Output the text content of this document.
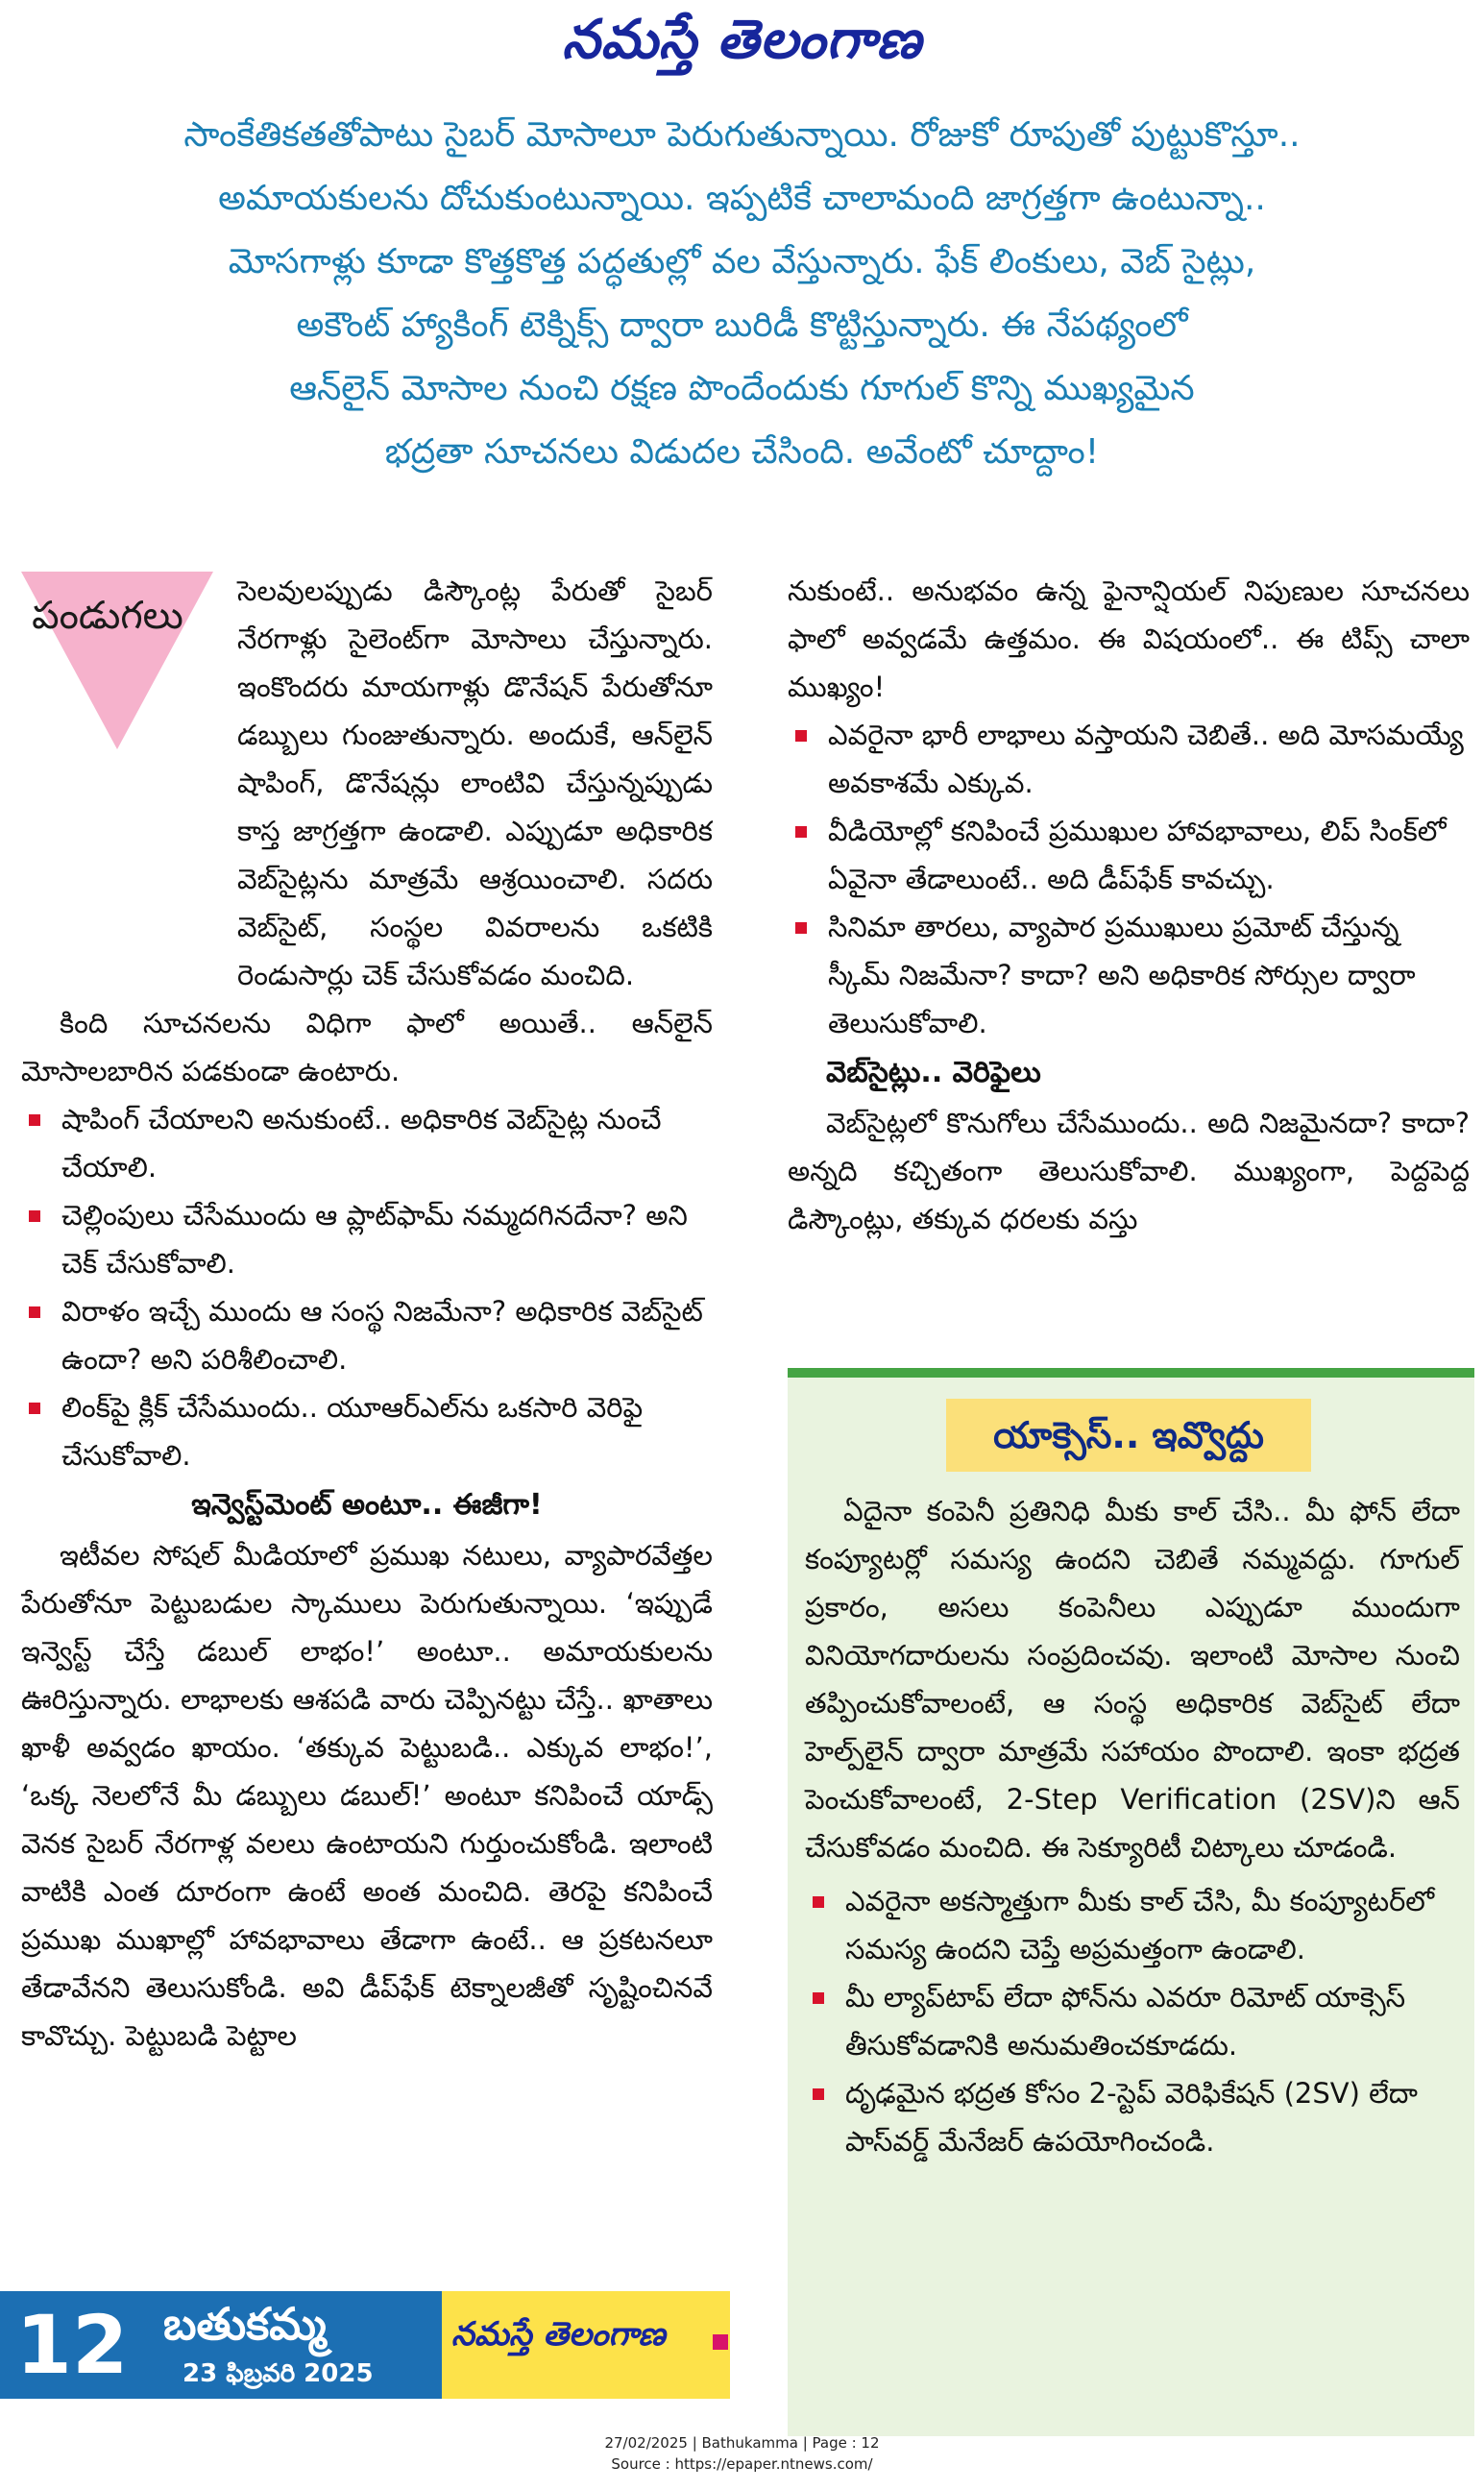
నమస్తే తెలంగాణ
సాంకేతికతతోపాటు సైబర్ మోసాలూ పెరుగుతున్నాయి. రోజుకో రూపుతో పుట్టుకొస్తూ..
అమాయకులను దోచుకుంటున్నాయి. ఇప్పటికే చాలామంది జాగ్రత్తగా ఉంటున్నా..
మోసగాళ్లు కూడా కొత్తకొత్త పద్ధతుల్లో వల వేస్తున్నారు. ఫేక్ లింకులు, వెబ్ సైట్లు,
అకౌంట్ హ్యాకింగ్ టెక్నిక్స్ ద్వారా బురిడీ కొట్టిస్తున్నారు. ఈ నేపథ్యంలో
ఆన్‌లైన్ మోసాల నుంచి రక్షణ పొందేందుకు గూగుల్ కొన్ని ముఖ్యమైన
భద్రతా సూచనలు విడుదల చేసింది. అవేంటో చూద్దాం!
పండుగలు

సెలవులప్పుడు డిస్కౌంట్ల పేరుతో సైబర్ నేరగాళ్లు సైలెంట్‌గా మోసాలు చేస్తున్నారు. ఇంకొందరు మాయగాళ్లు డొనేషన్ పేరుతోనూ డబ్బులు గుంజుతున్నారు. అందుకే, ఆన్‌లైన్ షాపింగ్, డొనేషన్లు లాంటివి చేస్తున్నప్పుడు కాస్త జాగ్రత్తగా ఉండాలి. ఎప్పుడూ అధికారిక వెబ్‌సైట్లను మాత్రమే ఆశ్రయించాలి. సదరు వెబ్‌సైట్, సంస్థల వివరాలను ఒకటికి రెండుసార్లు చెక్ చేసుకోవడం మంచిది.

కింది సూచనలను విధిగా ఫాలో అయితే.. ఆన్‌లైన్ మోసాలబారిన పడకుండా ఉంటారు.

షాపింగ్ చేయాలని అనుకుంటే.. అధికారిక వెబ్‌సైట్ల నుంచే చేయాలి.
చెల్లింపులు చేసేముందు ఆ ప్లాట్‌ఫామ్ నమ్మదగినదేనా? అని చెక్ చేసుకోవాలి.
విరాళం ఇచ్చే ముందు ఆ సంస్థ నిజమేనా? అధికారిక వెబ్‌సైట్ ఉందా? అని పరిశీలించాలి.
లింక్‌పై క్లిక్ చేసేముందు.. యూఆర్ఎల్‌ను ఒకసారి వెరిఫై చేసుకోవాలి.
ఇన్వెస్ట్‌మెంట్ అంటూ.. ఈజీగా!

ఇటీవల సోషల్ మీడియాలో ప్రముఖ నటులు, వ్యాపారవేత్తల పేరుతోనూ పెట్టుబడుల స్కాములు పెరుగుతున్నాయి. ‘ఇప్పుడే ఇన్వెస్ట్ చేస్తే డబుల్ లాభం!’ అంటూ.. అమాయకులను ఊరిస్తున్నారు. లాభాలకు ఆశపడి వారు చెప్పినట్టు చేస్తే.. ఖాతాలు ఖాళీ అవ్వడం ఖాయం. ‘తక్కువ పెట్టుబడి.. ఎక్కువ లాభం!’, ‘ఒక్క నెలలోనే మీ డబ్బులు డబుల్!’ అంటూ కనిపించే యాడ్స్ వెనక సైబర్ నేరగాళ్ల వలలు ఉంటాయని గుర్తుంచుకోండి. ఇలాంటి వాటికి ఎంత దూరంగా ఉంటే అంత మంచిది. తెరపై కనిపించే ప్రముఖ ముఖాల్లో హావభావాలు తేడాగా ఉంటే.. ఆ ప్రకటనలూ తేడావేనని తెలుసుకోండి. అవి డీప్‌ఫేక్ టెక్నాలజీతో సృష్టించినవే కావొచ్చు. పెట్టుబడి పెట్టాల

నుకుంటే.. అనుభవం ఉన్న ఫైనాన్షియల్ నిపుణుల సూచనలు ఫాలో అవ్వడమే ఉత్తమం. ఈ విషయంలో.. ఈ టిప్స్ చాలా ముఖ్యం!

ఎవరైనా భారీ లాభాలు వస్తాయని చెబితే.. అది మోసమయ్యే అవకాశమే ఎక్కువ.
వీడియోల్లో కనిపించే ప్రముఖుల హావభావాలు, లిప్ సింక్‌లో ఏవైనా తేడాలుంటే.. అది డీప్‌ఫేక్ కావచ్చు.
సినిమా తారలు, వ్యాపార ప్రముఖులు ప్రమోట్ చేస్తున్న స్కీమ్ నిజమేనా? కాదా? అని అధికారిక సోర్సుల ద్వారా తెలుసుకోవాలి.
వెబ్‌సైట్లు.. వెరిఫైలు

వెబ్‌సైట్లలో కొనుగోలు చేసేముందు.. అది నిజమైనదా? కాదా? అన్నది కచ్చితంగా తెలుసుకోవాలి. ముఖ్యంగా, పెద్దపెద్ద డిస్కౌంట్లు, తక్కువ ధరలకు వస్తు

యాక్సెస్.. ఇవ్వొద్దు

ఏదైనా కంపెనీ ప్రతినిధి మీకు కాల్ చేసి.. మీ ఫోన్ లేదా కంప్యూటర్లో సమస్య ఉందని చెబితే నమ్మవద్దు. గూగుల్ ప్రకారం, అసలు కంపెనీలు ఎప్పుడూ ముందుగా వినియోగదారులను సంప్రదించవు. ఇలాంటి మోసాల నుంచి తప్పించుకోవాలంటే, ఆ సంస్థ అధికారిక వెబ్‌సైట్ లేదా హెల్ప్‌లైన్ ద్వారా మాత్రమే సహాయం పొందాలి. ఇంకా భద్రత పెంచుకోవాలంటే, 2-Step Verification (2SV)ని ఆన్ చేసుకోవడం మంచిది. ఈ సెక్యూరిటీ చిట్కాలు చూడండి.

ఎవరైనా అకస్మాత్తుగా మీకు కాల్ చేసి, మీ కంప్యూటర్‌లో సమస్య ఉందని చెప్తే అప్రమత్తంగా ఉండాలి.
మీ ల్యాప్‌టాప్ లేదా ఫోన్‌ను ఎవరూ రిమోట్ యాక్సెస్ తీసుకోవడానికి అనుమతించకూడదు.
దృఢమైన భద్రత కోసం 2-స్టెప్ వెరిఫికేషన్ (2SV) లేదా పాస్‌వర్డ్ మేనేజర్ ఉపయోగించండి.
12 బతుకమ్మ
23 ఫిబ్రవరి 2025
నమస్తే తెలంగాణ
27/02/2025 | Bathukamma | Page : 12
Source : https://epaper.ntnews.com/
